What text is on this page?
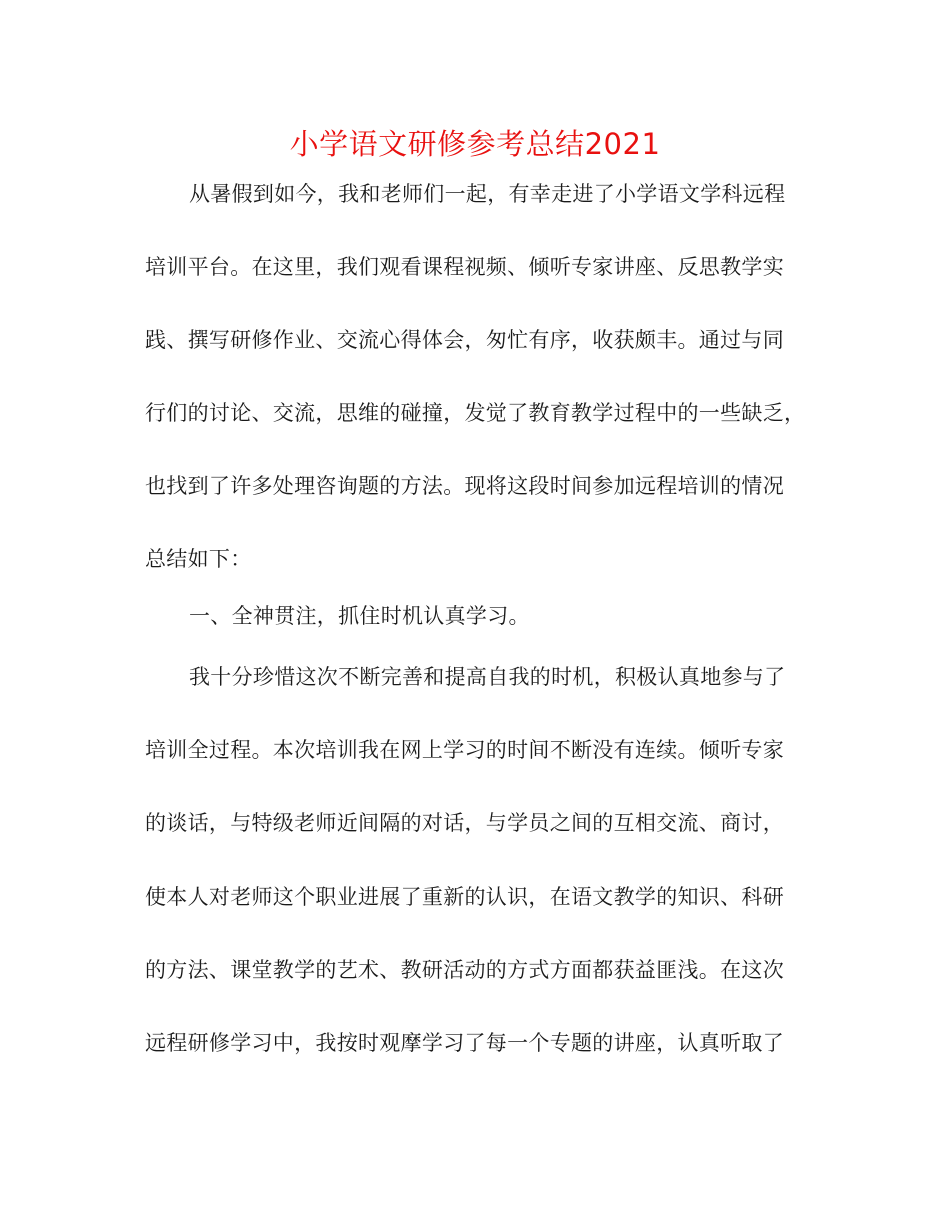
小学语文研修参考总结2021
从暑假到如今，我和老师们一起，有幸走进了小学语文学科远程
培训平台。在这里，我们观看课程视频、倾听专家讲座、反思教学实
践、撰写研修作业、交流心得体会，匆忙有序，收获颇丰。通过与同
行们的讨论、交流，思维的碰撞，发觉了教育教学过程中的一些缺乏，
也找到了许多处理咨询题的方法。现将这段时间参加远程培训的情况
总结如下：
一、全神贯注，抓住时机认真学习。
我十分珍惜这次不断完善和提高自我的时机，积极认真地参与了
培训全过程。本次培训我在网上学习的时间不断没有连续。倾听专家
的谈话，与特级老师近间隔的对话，与学员之间的互相交流、商讨，
使本人对老师这个职业进展了重新的认识，在语文教学的知识、科研
的方法、课堂教学的艺术、教研活动的方式方面都获益匪浅。在这次
远程研修学习中，我按时观摩学习了每一个专题的讲座，认真听取了
